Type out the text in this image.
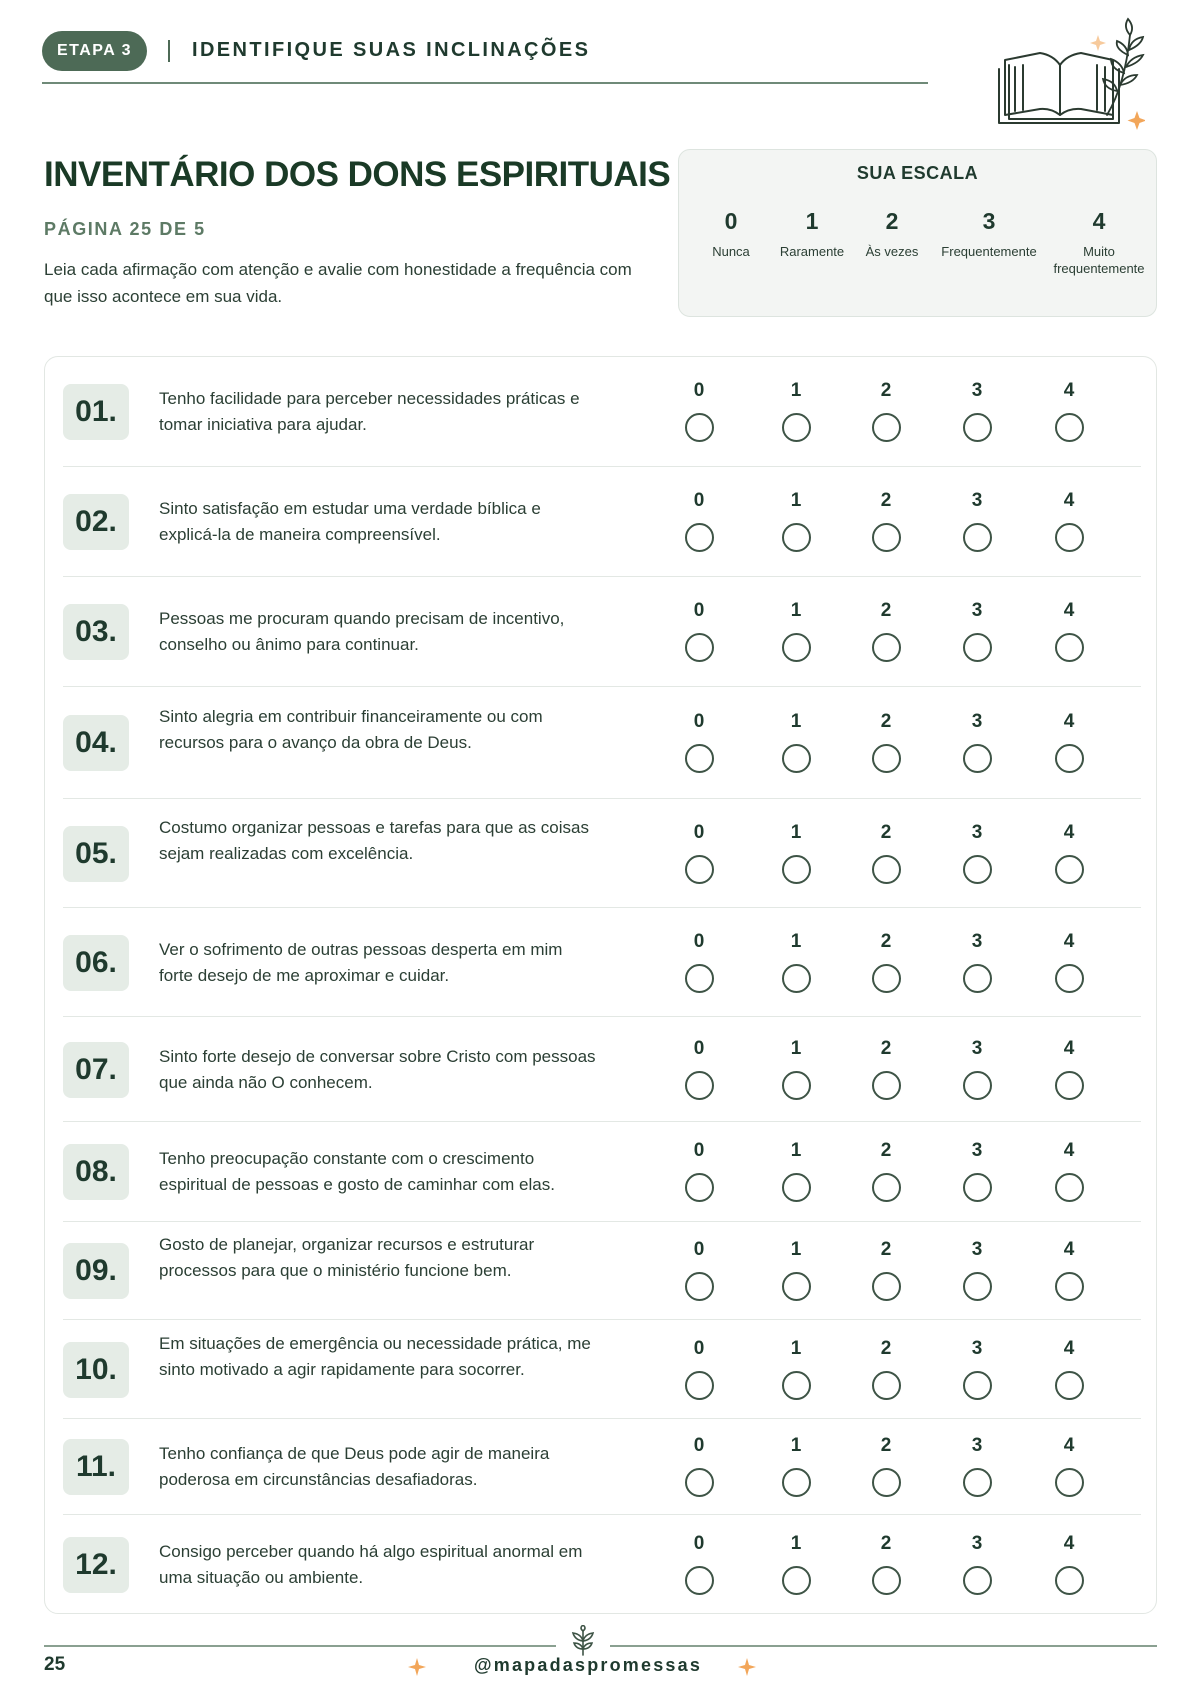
ETAPA 3	IDENTIFIQUE SUAS INCLINAÇÕES
INVENTÁRIO DOS DONS ESPIRITUAIS
PÁGINA 25 DE 5
Leia cada afirmação com atenção e avalie com honestidade a frequência com que isso acontece em sua vida.
SUA ESCALA
0
Nunca
1
Raramente
2
Às vezes
3
Frequentemente
4
Muito
frequentemente
01.	Tenho facilidade para perceber necessidades práticas e tomar iniciativa para ajudar.
0	1	2	3	4
02.	Sinto satisfação em estudar uma verdade bíblica e explicá-la de maneira compreensível.
0	1	2	3	4
03.	Pessoas me procuram quando precisam de incentivo, conselho ou ânimo para continuar.
0	1	2	3	4
04.
Sinto alegria em contribuir financeiramente ou com recursos para o avanço da obra de Deus.
0	1	2	3	4
05.
Costumo organizar pessoas e tarefas para que as coisas sejam realizadas com excelência.
0	1	2	3	4
06.	Ver o sofrimento de outras pessoas desperta em mim forte desejo de me aproximar e cuidar.
0	1	2	3	4
07.	Sinto forte desejo de conversar sobre Cristo com pessoas que ainda não O conhecem.
0	1	2	3	4
08.	Tenho preocupação constante com o crescimento espiritual de pessoas e gosto de caminhar com elas.
0	1	2	3	4
09.
Gosto de planejar, organizar recursos e estruturar processos para que o ministério funcione bem.
0	1	2	3	4
10.
Em situações de emergência ou necessidade prática, me sinto motivado a agir rapidamente para socorrer.
0	1	2	3	4
11.	Tenho confiança de que Deus pode agir de maneira poderosa em circunstâncias desafiadoras.
0	1	2	3	4
12.	Consigo perceber quando há algo espiritual anormal em uma situação ou ambiente.
0	1	2	3	4
25	@mapadaspromessas
